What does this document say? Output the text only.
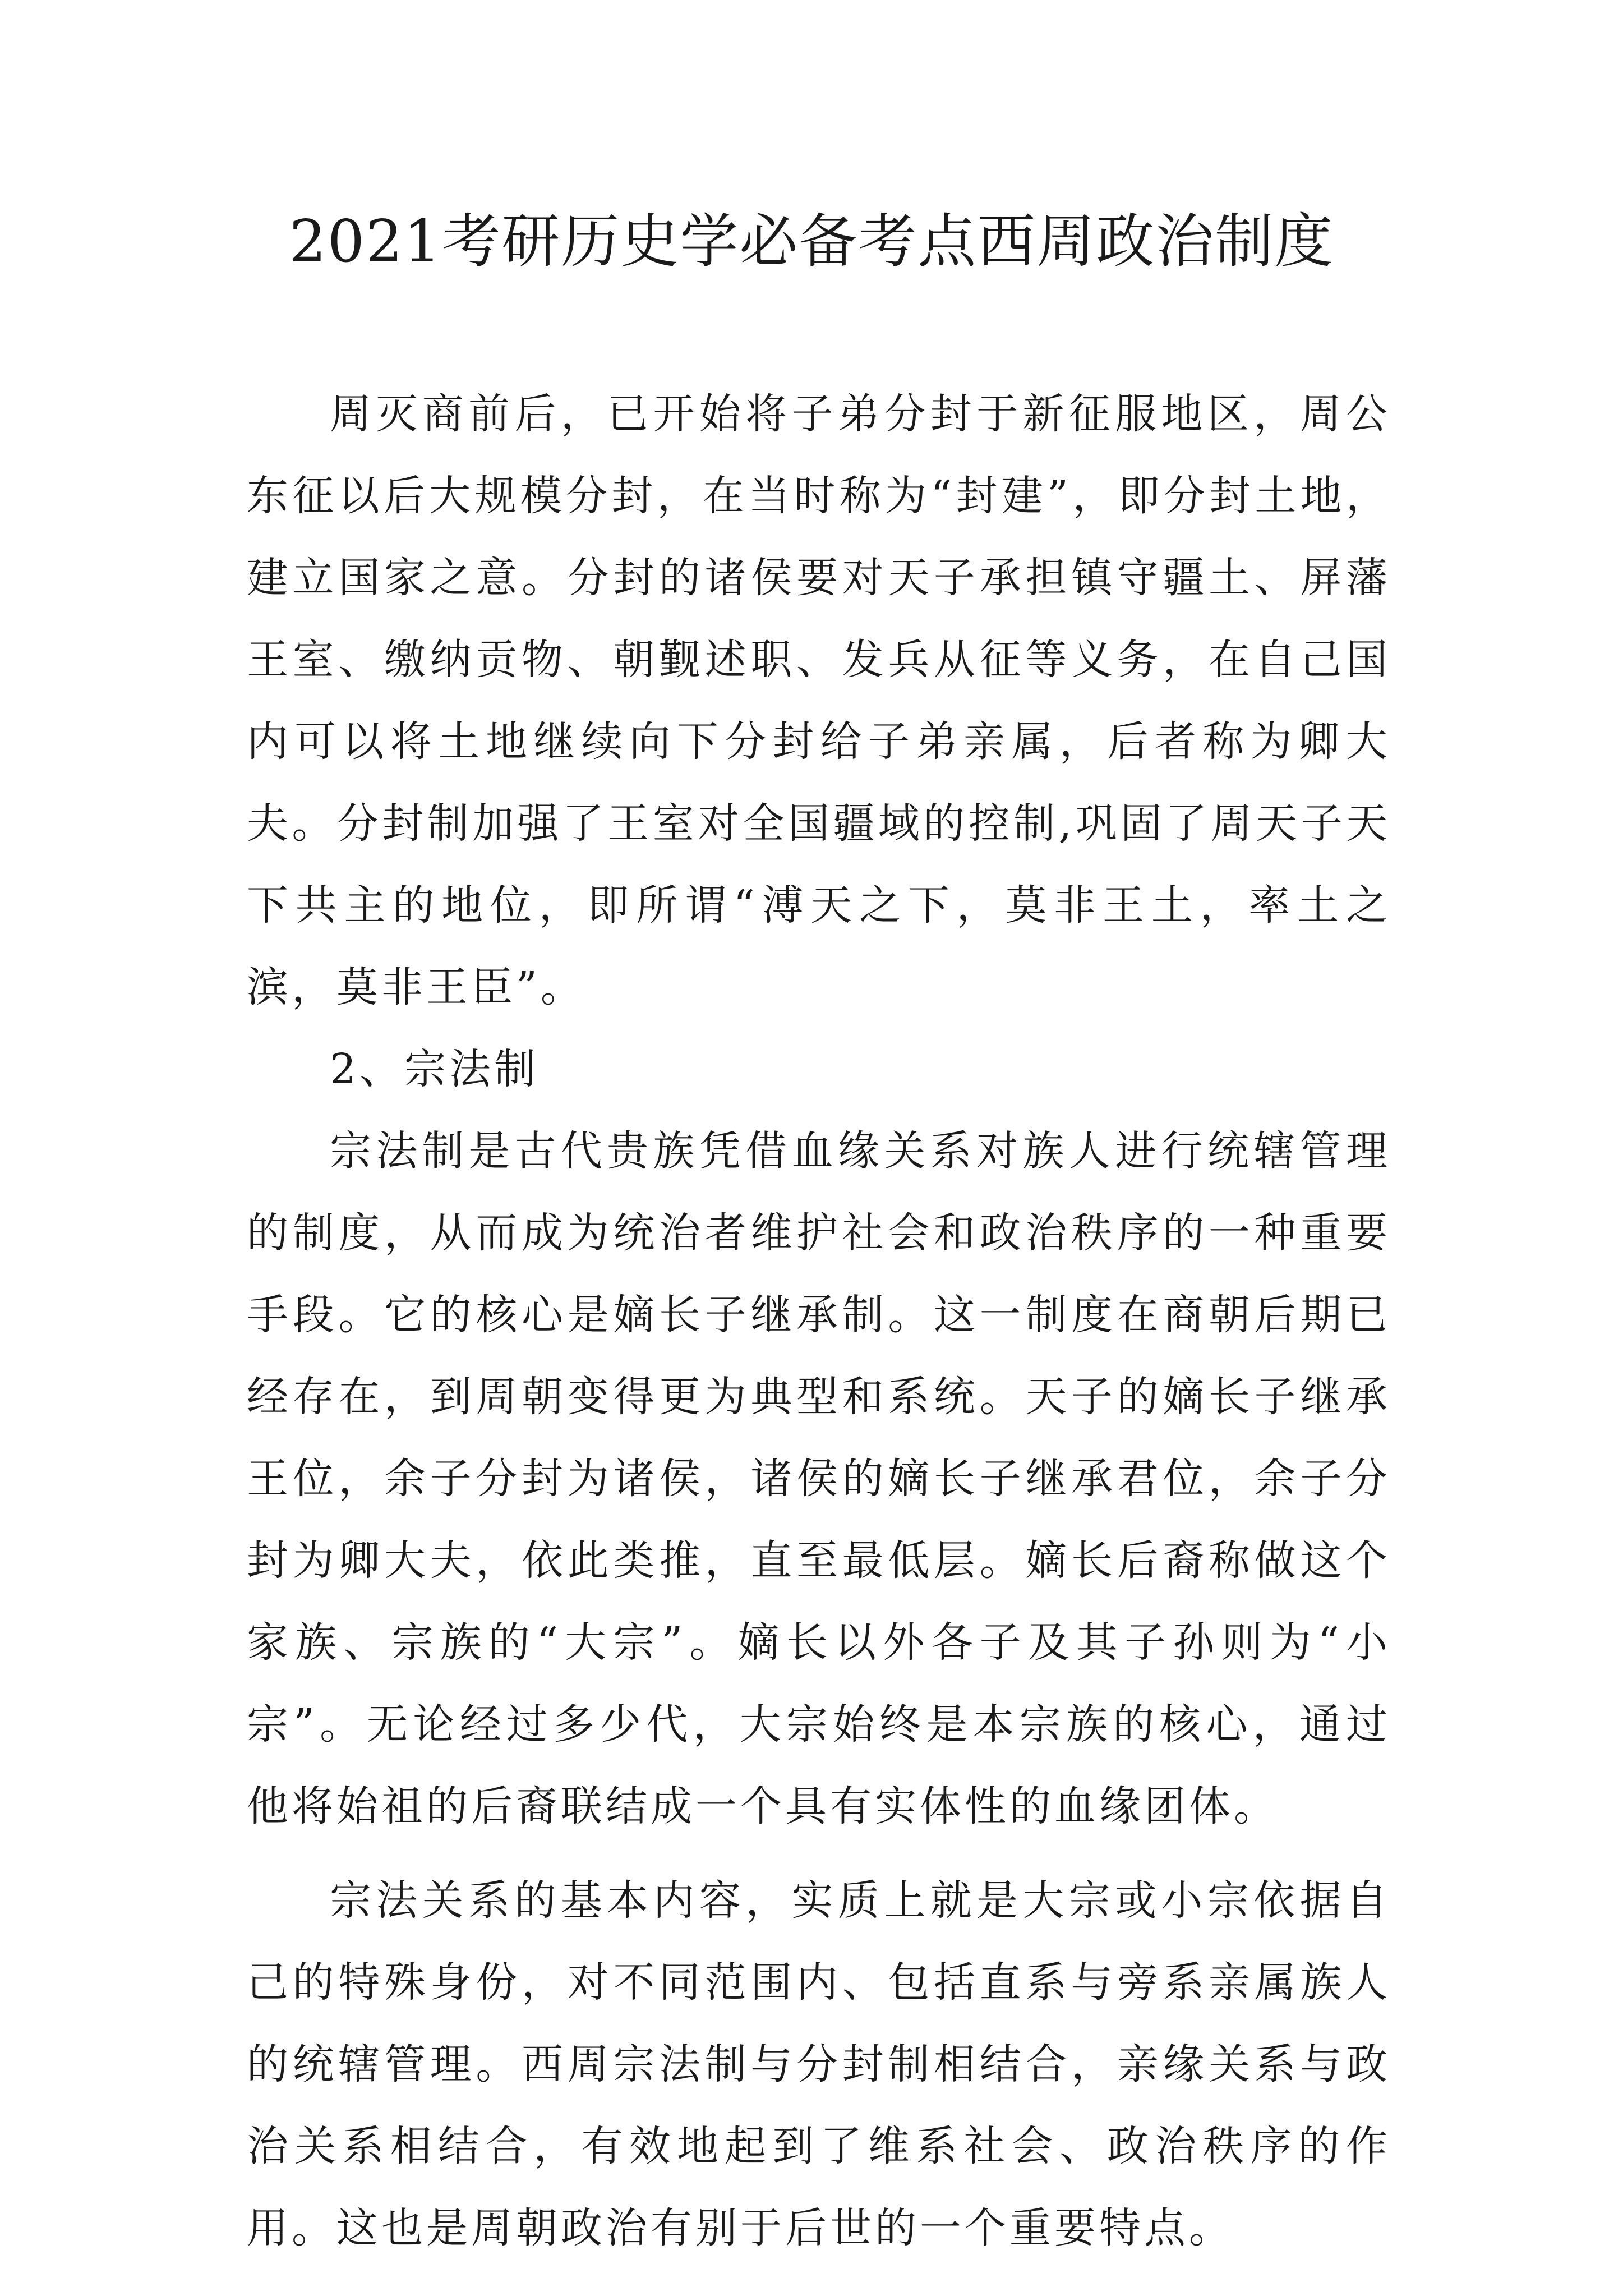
2021考研历史学必备考点西周政治制度

周灭商前后，已开始将子弟分封于新征服地区，周公东征以后大规模分封，在当时称为“封建”，即分封土地，建立国家之意。分封的诸侯要对天子承担镇守疆土、屏藩王室、缴纳贡物、朝觐述职、发兵从征等义务，在自己国内可以将土地继续向下分封给子弟亲属，后者称为卿大夫。分封制加强了王室对全国疆域的控制,巩固了周天子天下共主的地位，即所谓“溥天之下，莫非王土，率土之滨，莫非王臣”。

2、宗法制

宗法制是古代贵族凭借血缘关系对族人进行统辖管理的制度，从而成为统治者维护社会和政治秩序的一种重要手段。它的核心是嫡长子继承制。这一制度在商朝后期已经存在，到周朝变得更为典型和系统。天子的嫡长子继承王位，余子分封为诸侯，诸侯的嫡长子继承君位，余子分封为卿大夫，依此类推，直至最低层。嫡长后裔称做这个家族、宗族的“大宗”。嫡长以外各子及其子孙则为“小宗”。无论经过多少代，大宗始终是本宗族的核心，通过他将始祖的后裔联结成一个具有实体性的血缘团体。

宗法关系的基本内容，实质上就是大宗或小宗依据自己的特殊身份，对不同范围内、包括直系与旁系亲属族人的统辖管理。西周宗法制与分封制相结合，亲缘关系与政治关系相结合，有效地起到了维系社会、政治秩序的作用。这也是周朝政治有别于后世的一个重要特点。
